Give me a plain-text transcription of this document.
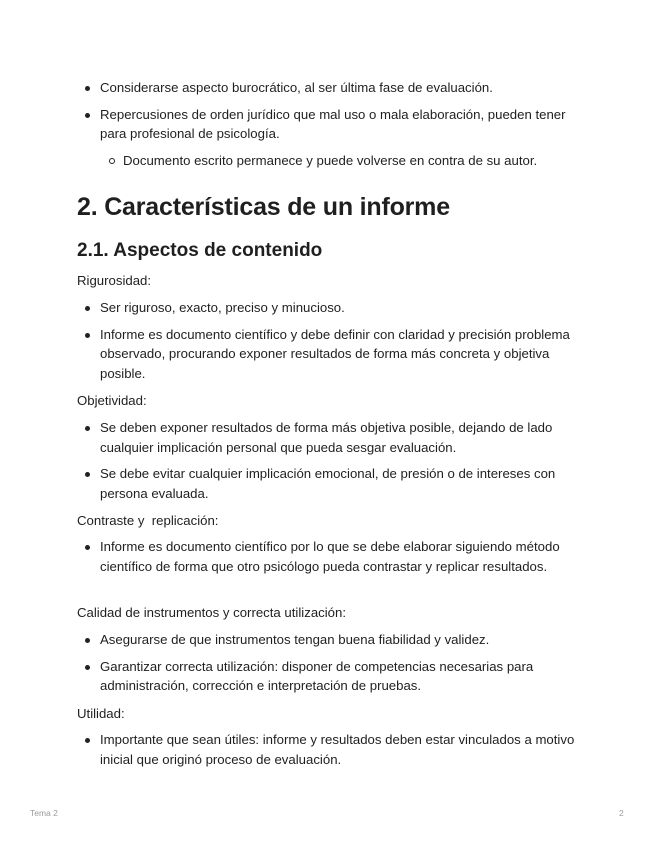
Considerarse aspecto burocrático, al ser última fase de evaluación.
Repercusiones de orden jurídico que mal uso o mala elaboración, pueden tener para profesional de psicología.
Documento escrito permanece y puede volverse en contra de su autor.
2. Características de un informe
2.1. Aspectos de contenido

Rigurosidad:

Ser riguroso, exacto, preciso y minucioso.
Informe es documento científico y debe definir con claridad y precisión problema observado, procurando exponer resultados de forma más concreta y objetiva posible.

Objetividad:

Se deben exponer resultados de forma más objetiva posible, dejando de lado cualquier implicación personal que pueda sesgar evaluación.
Se debe evitar cualquier implicación emocional, de presión o de intereses con persona evaluada.

Contraste y  replicación:

Informe es documento científico por lo que se debe elaborar siguiendo método científico de forma que otro psicólogo pueda contrastar y replicar resultados.

Calidad de instrumentos y correcta utilización:

Asegurarse de que instrumentos tengan buena fiabilidad y validez.
Garantizar correcta utilización: disponer de competencias necesarias para administración, corrección e interpretación de pruebas.

Utilidad:

Importante que sean útiles: informe y resultados deben estar vinculados a motivo inicial que originó proceso de evaluación.
Tema 2	2
